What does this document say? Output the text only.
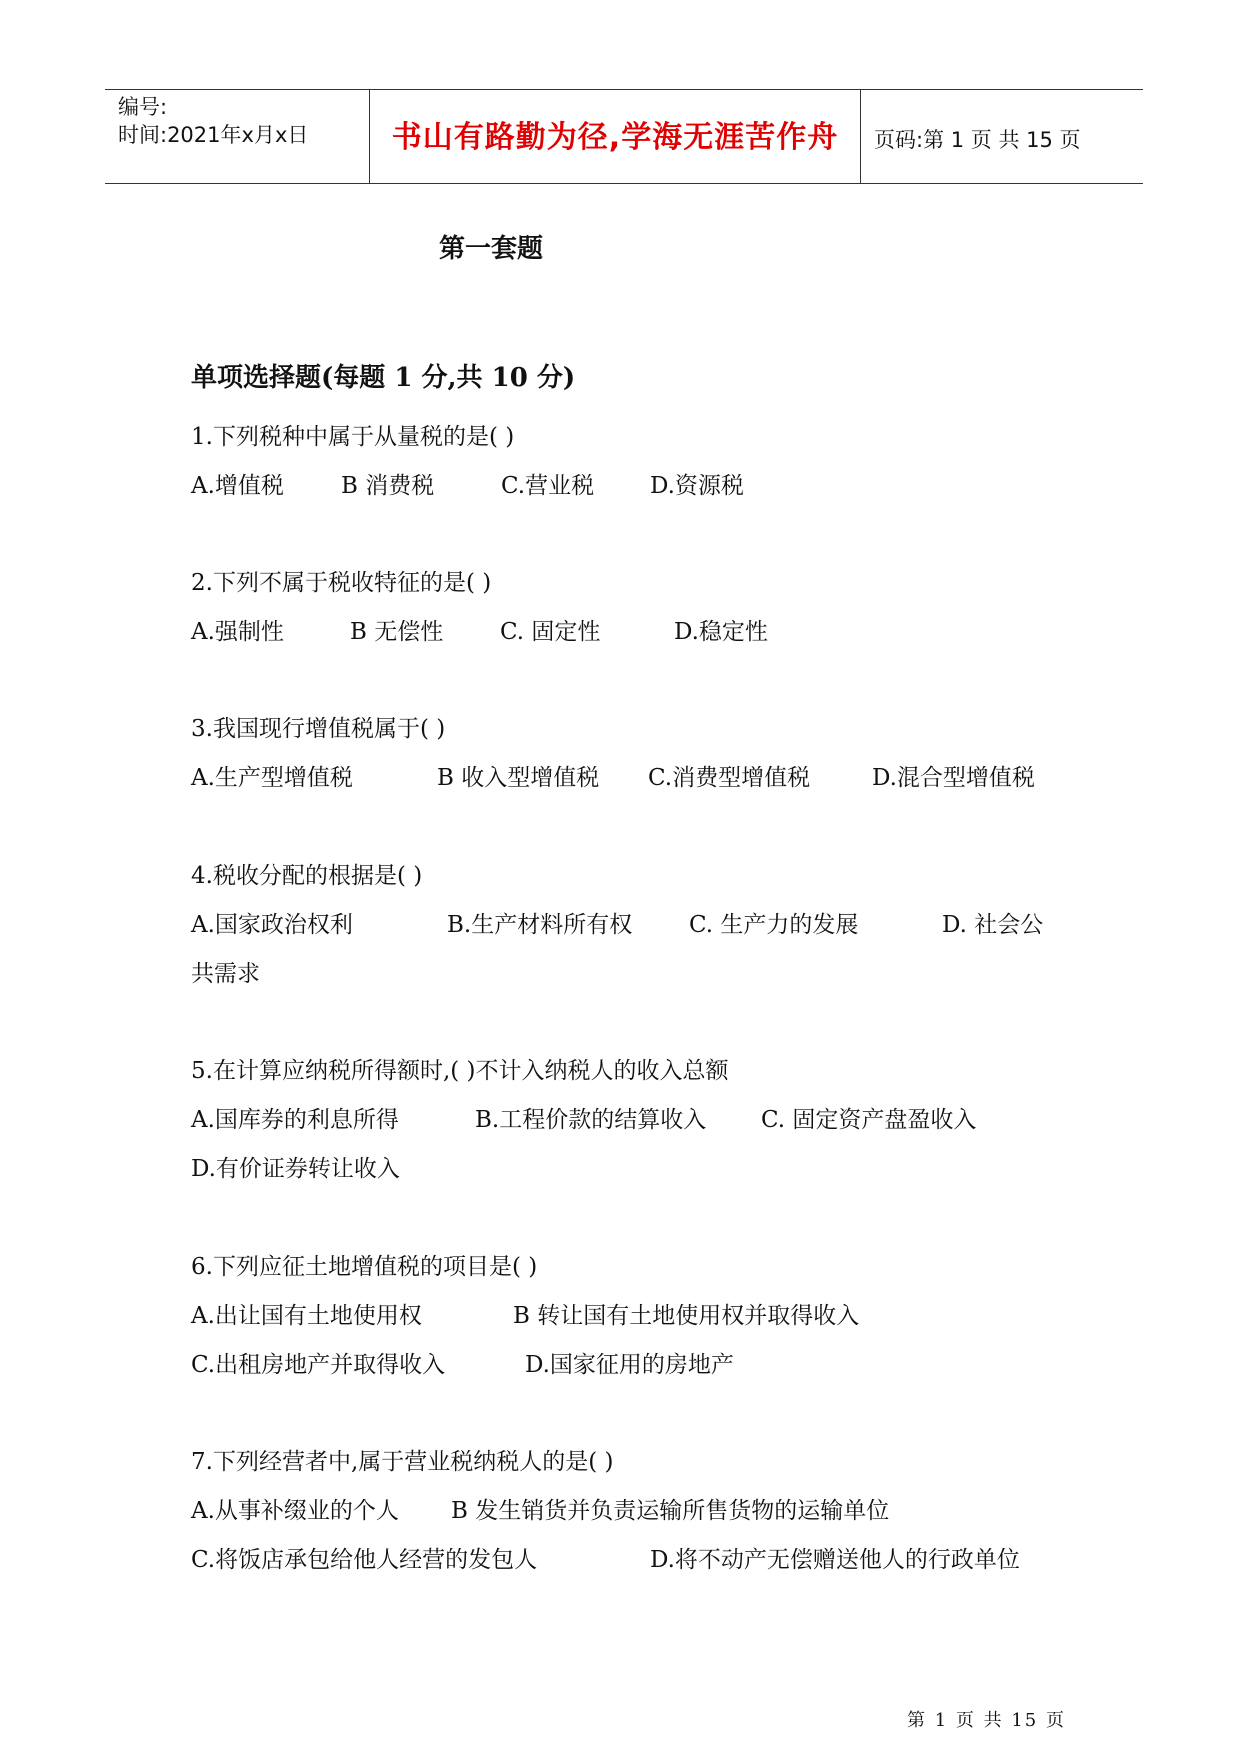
编号:
时间:2021年x月x日	书山有路勤为径,学海无涯苦作舟	页码:第 1 页 共 15 页
第一套题
单项选择题(每题 1 分,共 10 分)
1.下列税种中属于从量税的是( )
A.增值税 B 消费税	C.营业税 D.资源税
2.下列不属于税收特征的是( )
A.强制性	B 无偿性 C. 固定性	D.稳定性
3.我国现行增值税属于( )
A.生产型增值税	B 收入型增值税 C.消费型增值税	D.混合型增值税
4.税收分配的根据是( )
A.国家政治权利	B.生产材料所有权 C. 生产力的发展	D. 社会公
共需求
5.在计算应纳税所得额时,( )不计入纳税人的收入总额
A.国库券的利息所得	B.工程价款的结算收入 C. 固定资产盘盈收入
D.有价证券转让收入
6.下列应征土地增值税的项目是( )
A.出让国有土地使用权	B 转让国有土地使用权并取得收入
C.出租房地产并取得收入	D.国家征用的房地产
7.下列经营者中,属于营业税纳税人的是( )
A.从事补缀业的个人 B 发生销货并负责运输所售货物的运输单位
C.将饭店承包给他人经营的发包人	D.将不动产无偿赠送他人的行政单位
第 1 页 共 15 页
